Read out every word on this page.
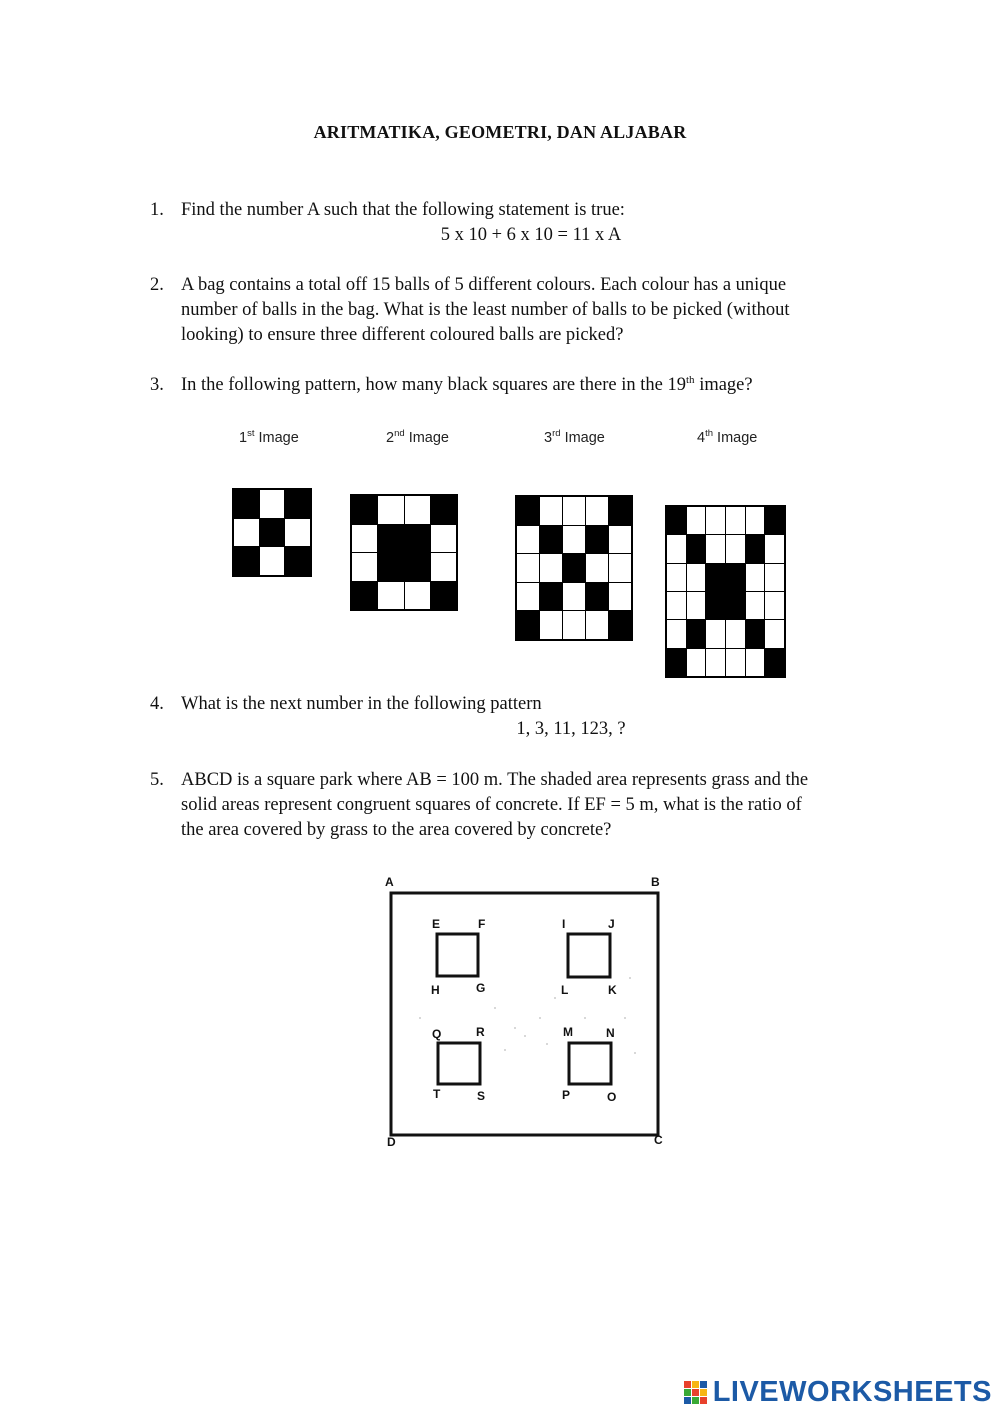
ARITMATIKA, GEOMETRI, DAN ALJABAR
1. Find the number A such that the following statement is true:
5 x 10 + 6 x 10 = 11 x A
2. A bag contains a total off 15 balls of 5 different colours. Each colour has a unique
number of balls in the bag. What is the least number of balls to be picked (without
looking) to ensure three different coloured balls are picked?
3. In the following pattern, how many black squares are there in the 19th image?
1st Image	2nd Image	3rd Image	4th Image
4. What is the next number in the following pattern
1, 3, 11, 123, ?
5. ABCD is a square park where AB = 100 m. The shaded area represents grass and the
solid areas represent congruent squares of concrete. If EF = 5 m, what is the ratio of
the area covered by grass to the area covered by concrete?
A	B
C
D
E	F
G
H
I	J
K
L
Q	R
S
T
M	N
O
P
LIVEWORKSHEETS
